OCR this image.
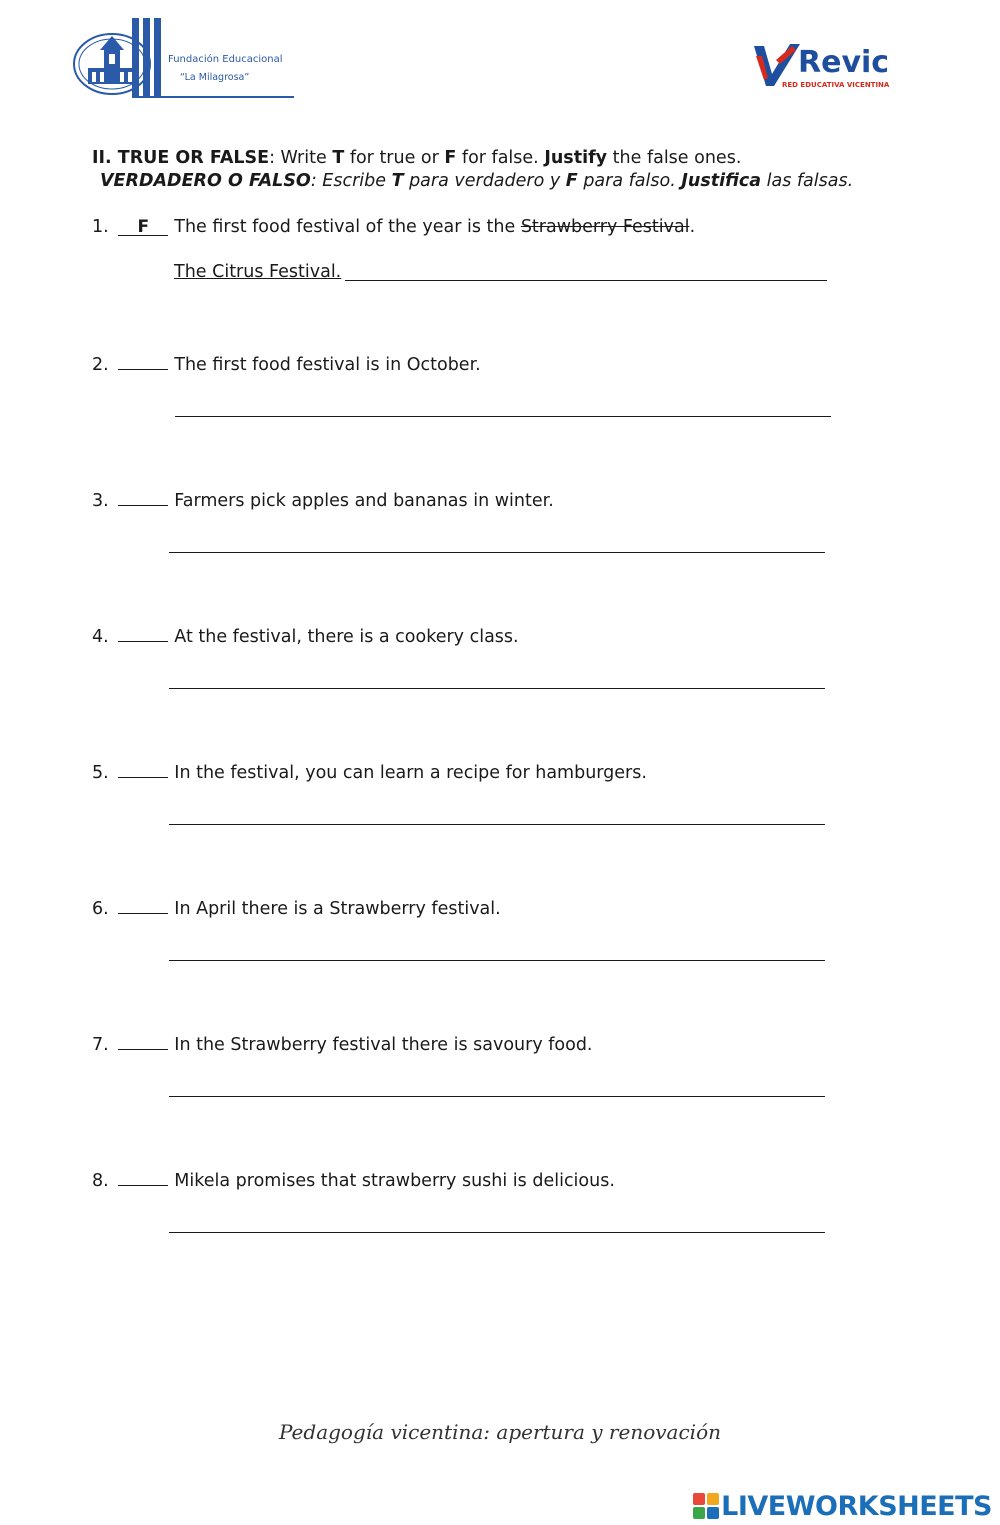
Fundación Educacional
“La Milagrosa”	Revic
RED EDUCATIVA VICENTINA
II. TRUE OR FALSE: Write T for true or F for false. Justify the false ones.
VERDADERO O FALSO: Escribe T para verdadero y F para falso. Justifica las falsas.
1. F The first food festival of the year is the Strawberry Festival.
The Citrus Festival.
2.	The first food festival is in October.
3.	Farmers pick apples and bananas in winter.
4.	At the festival, there is a cookery class.
5.	In the festival, you can learn a recipe for hamburgers.
6.	In April there is a Strawberry festival.
7.	In the Strawberry festival there is savoury food.
8.	Mikela promises that strawberry sushi is delicious.
Pedagogía vicentina: apertura y renovación
LIVEWORKSHEETS
